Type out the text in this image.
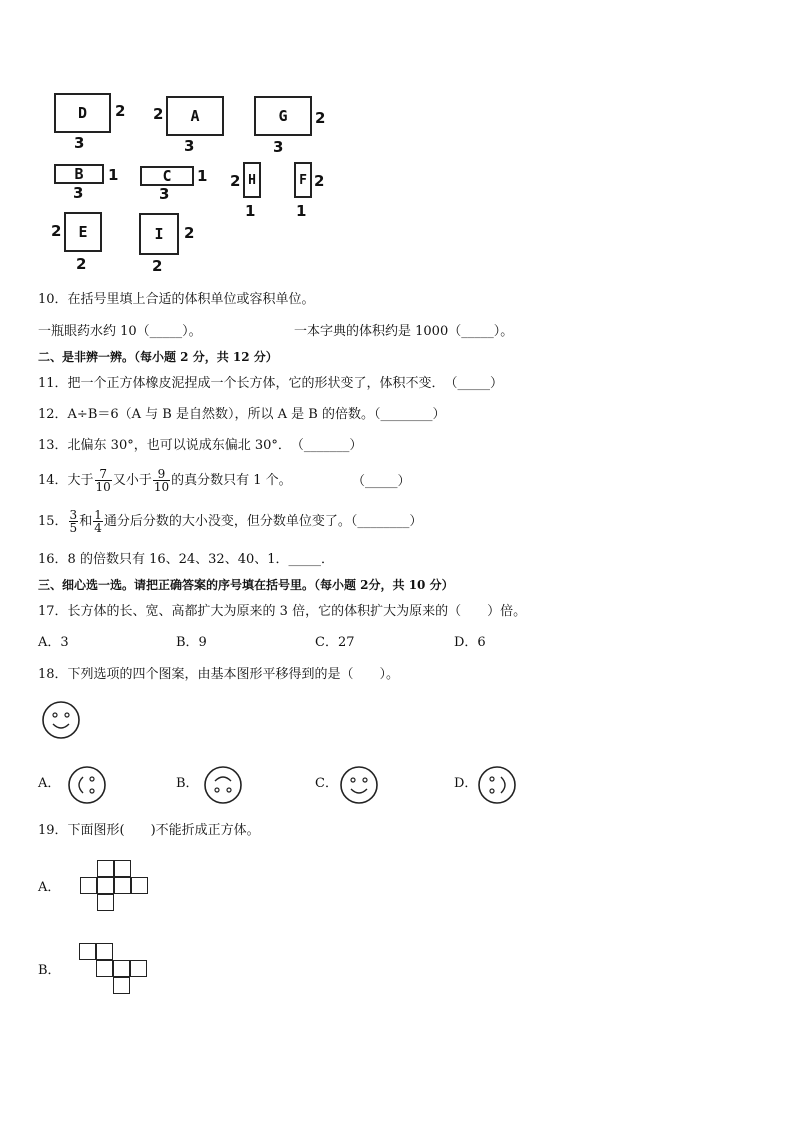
D 2
3
A
2
3
G 2
3
B 1
3
C 1
3
H
2
1
F 2
1
E
2
2
I 2
2
10．在括号里填上合适的体积单位或容积单位。
一瓶眼药水约 10（_____）。	一本字典的体积约是 1000（_____）。
二、是非辨一辨。（每小题 2 分，共 12 分）
11．把一个正方体橡皮泥捏成一个长方体，它的形状变了，体积不变．　（_____）
12．A÷B＝6（A 与 B 是自然数），所以 A 是 B 的倍数。（________）
13．北偏东 30°，也可以说成东偏北 30°．　（_______）
14．大于 $\frac{7}{10}$ 又小于 $\frac{9}{10}$ 的真分数只有 1 个。	（_____）
15． $\frac{3}{5}$ 和 $\frac{1}{4}$ 通分后分数的大小没变，但分数单位变了。（________）
16．8 的倍数只有 16、24、32、40、1．_____．
三、细心选一选。请把正确答案的序号填在括号里。（每小题 2分，共 10 分）
17．长方体的长、宽、高都扩大为原来的 3 倍，它的体积扩大为原来的（　　）倍。
A．3	B．9	C．27	D．6
18．下列选项的四个图案，由基本图形平移得到的是（　　）。
A．	B．	C．	D．
19．下面图形(　　)不能折成正方体。
A．
B．
